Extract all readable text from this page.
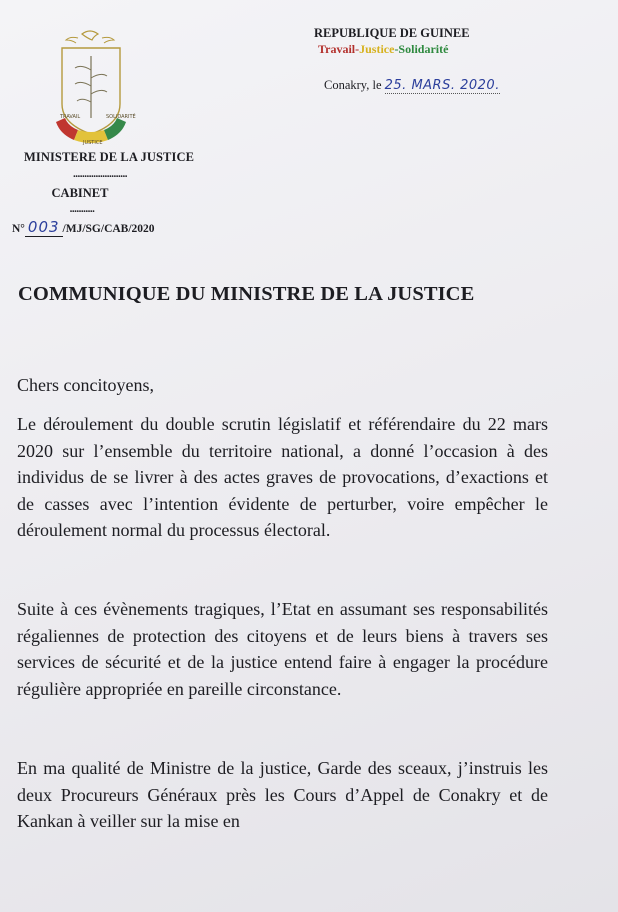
TRAVAIL
JUSTICE
SOLIDARITÉ
MINISTERE DE LA JUSTICE
........................
CABINET
...........
N° 003 /MJ/SG/CAB/2020
REPUBLIQUE DE GUINEE
Travail-Justice-Solidarité
Conakry, le 25. MARS. 2020.
COMMUNIQUE DU MINISTRE DE LA JUSTICE
Chers concitoyens,
Le déroulement du double scrutin législatif et référendaire du 22 mars 2020 sur l’ensemble du territoire national, a donné l’occasion à des individus de se livrer à des actes graves de provocations, d’exactions et de casses avec l’intention évidente de perturber, voire empêcher le déroulement normal du processus électoral.
Suite à ces évènements tragiques, l’Etat en assumant ses responsabilités régaliennes de protection des citoyens et de leurs biens à travers ses services de sécurité et de la justice entend faire à engager la procédure régulière appropriée en pareille circonstance.
En ma qualité de Ministre de la justice, Garde des sceaux, j’instruis les deux Procureurs Généraux près les Cours d’Appel de Conakry et de Kankan à veiller sur la mise en
